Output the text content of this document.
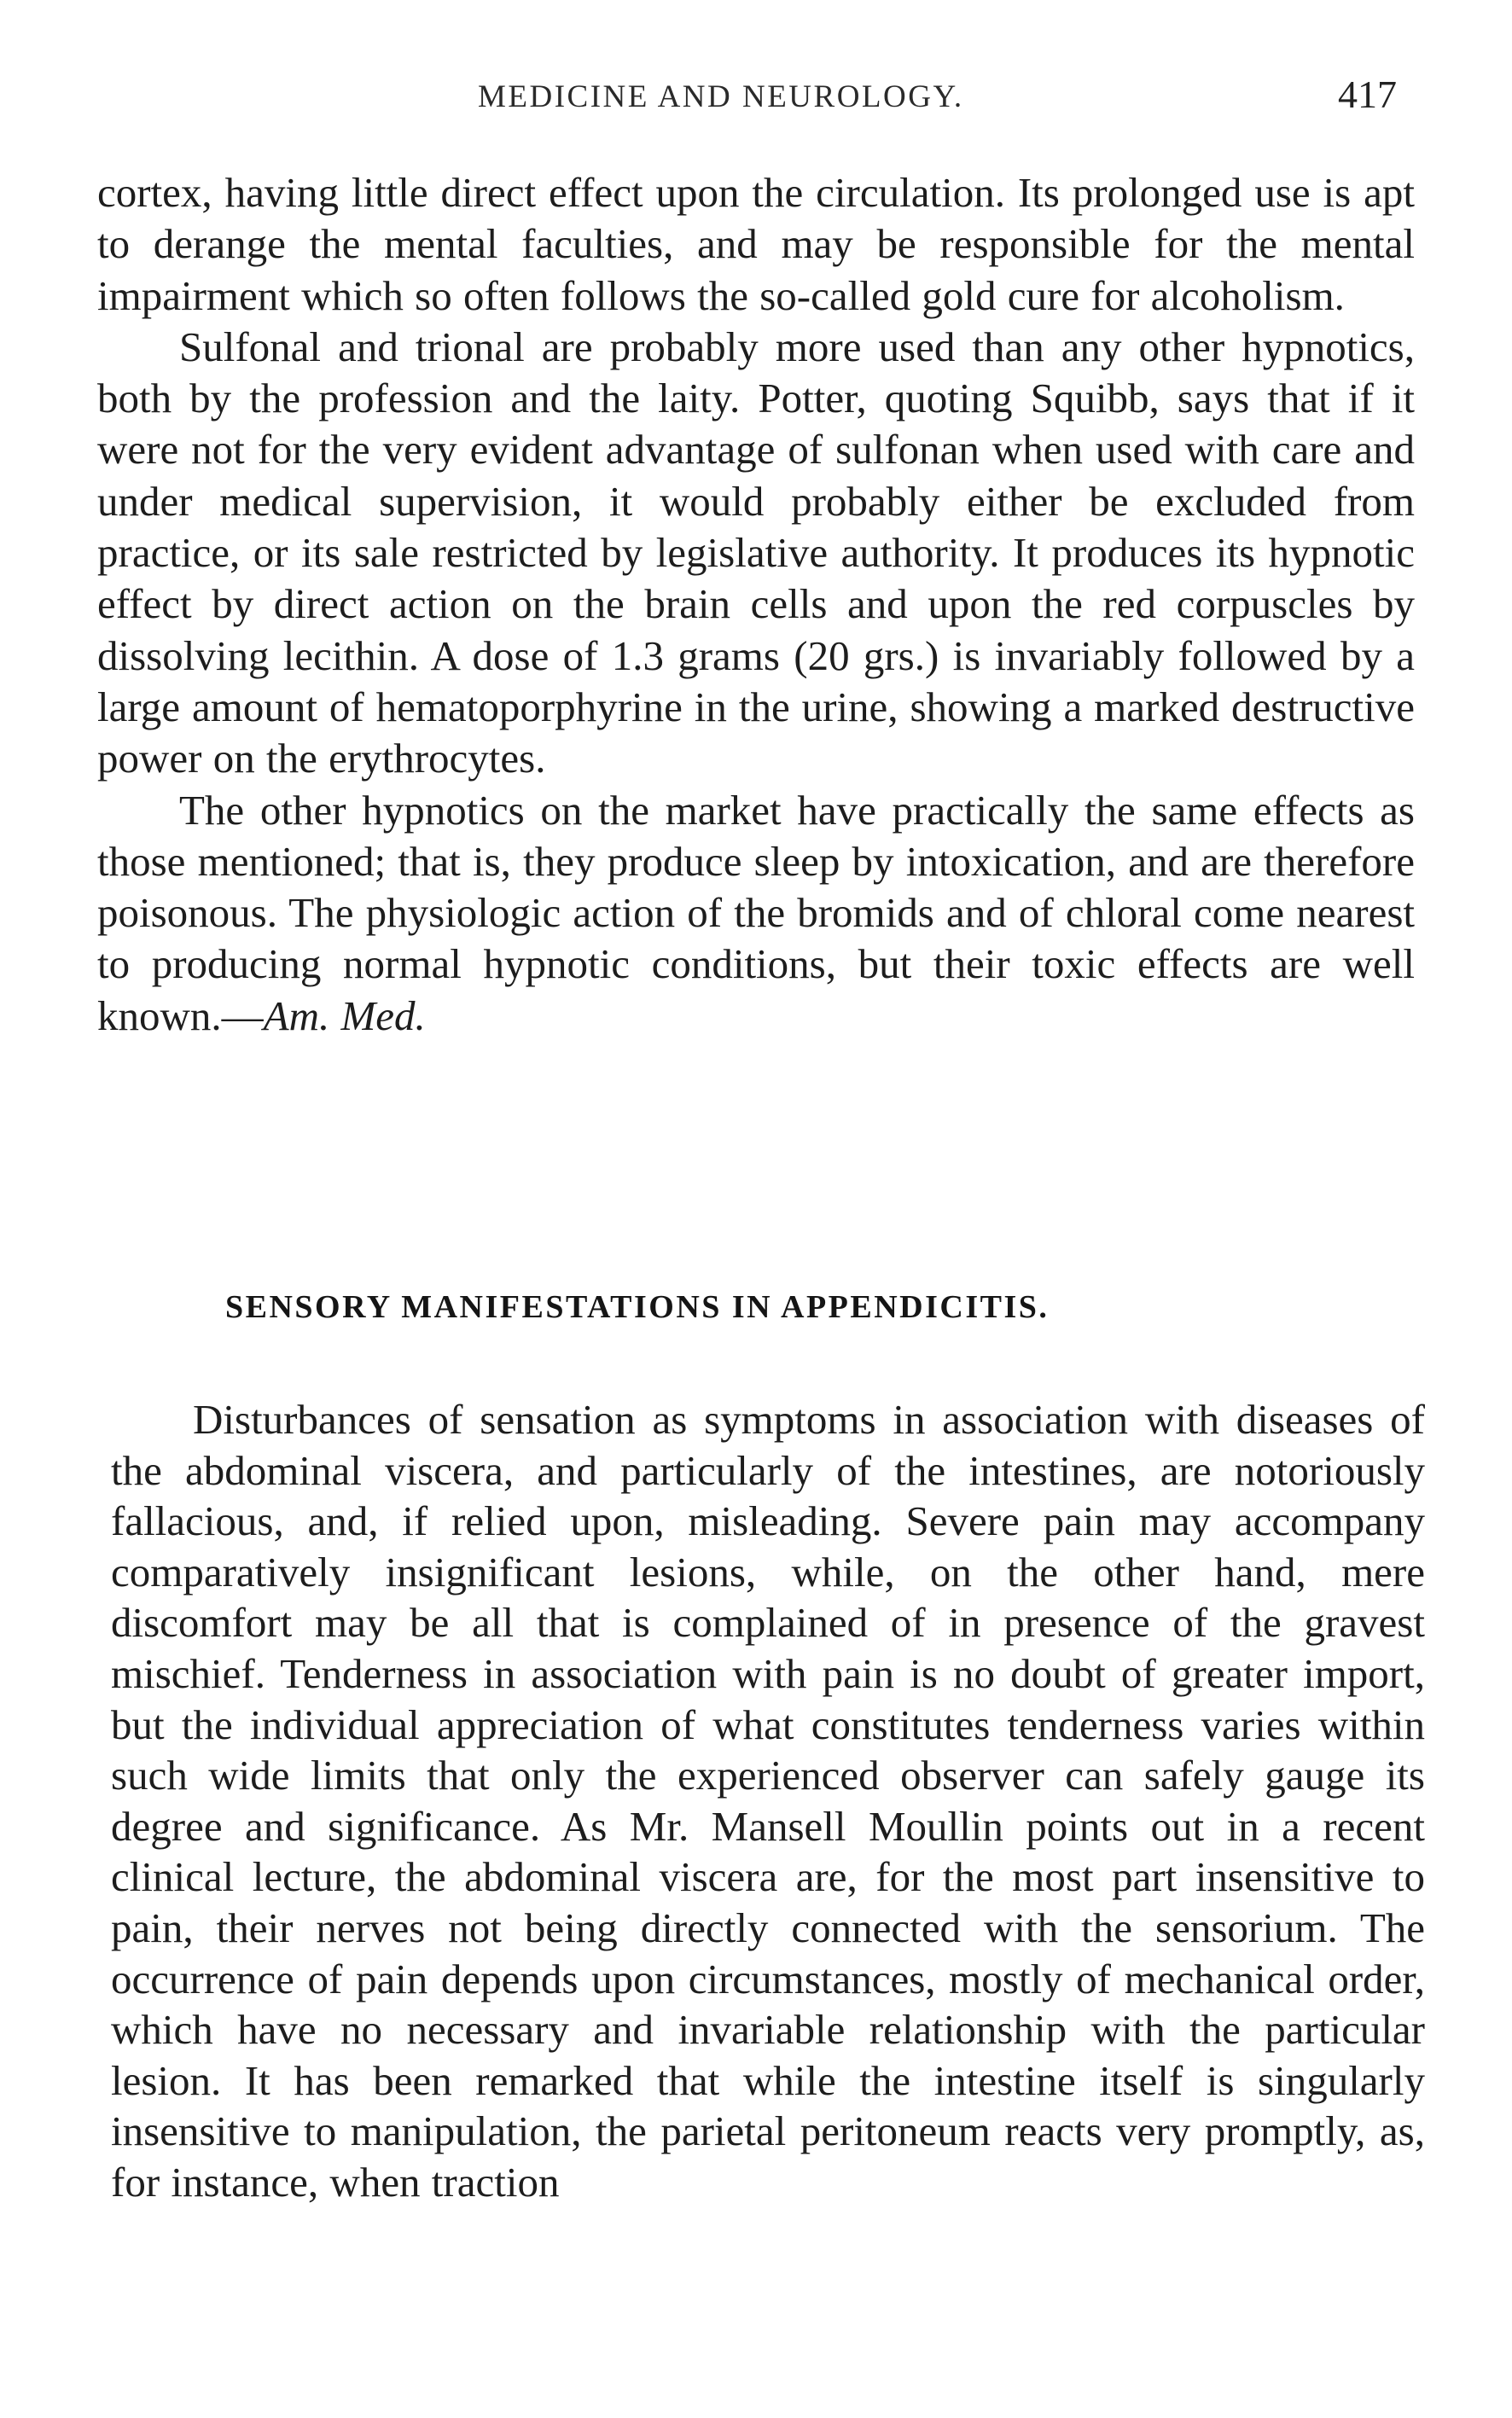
MEDICINE AND NEUROLOGY.	417

cortex, having little direct effect upon the circulation. Its prolonged use is apt to derange the mental faculties, and may be responsible for the mental impairment which so often follows the so-called gold cure for alcoholism.

Sulfonal and trional are probably more used than any other hypnotics, both by the profession and the laity. Potter, quoting Squibb, says that if it were not for the very evident advantage of sulfonan when used with care and under medical supervision, it would probably either be excluded from practice, or its sale restricted by legislative authority. It produces its hypnotic effect by direct action on the brain cells and upon the red corpuscles by dissolving lecithin. A dose of 1.3 grams (20 grs.) is invariably followed by a large amount of hematoporphyrine in the urine, showing a marked destructive power on the erythrocytes.

The other hypnotics on the market have practically the same effects as those mentioned; that is, they produce sleep by intoxication, and are therefore poisonous. The physiologic action of the bromids and of chloral come nearest to producing normal hypnotic conditions, but their toxic effects are well known.—Am. Med.

SENSORY MANIFESTATIONS IN APPENDICITIS.

Disturbances of sensation as symptoms in association with diseases of the abdominal viscera, and particularly of the intestines, are notoriously fallacious, and, if relied upon, misleading. Severe pain may accompany comparatively insignificant lesions, while, on the other hand, mere discomfort may be all that is complained of in presence of the gravest mischief. Tenderness in association with pain is no doubt of greater import, but the individual appreciation of what constitutes tenderness varies within such wide limits that only the experienced observer can safely gauge its degree and significance. As Mr. Mansell Moullin points out in a recent clinical lecture, the abdominal viscera are, for the most part insensitive to pain, their nerves not being directly connected with the sensorium. The occurrence of pain depends upon circumstances, mostly of mechanical order, which have no necessary and invariable relationship with the particular lesion. It has been remarked that while the intestine itself is singularly insensitive to manipulation, the parietal peritoneum reacts very promptly, as, for instance, when traction
